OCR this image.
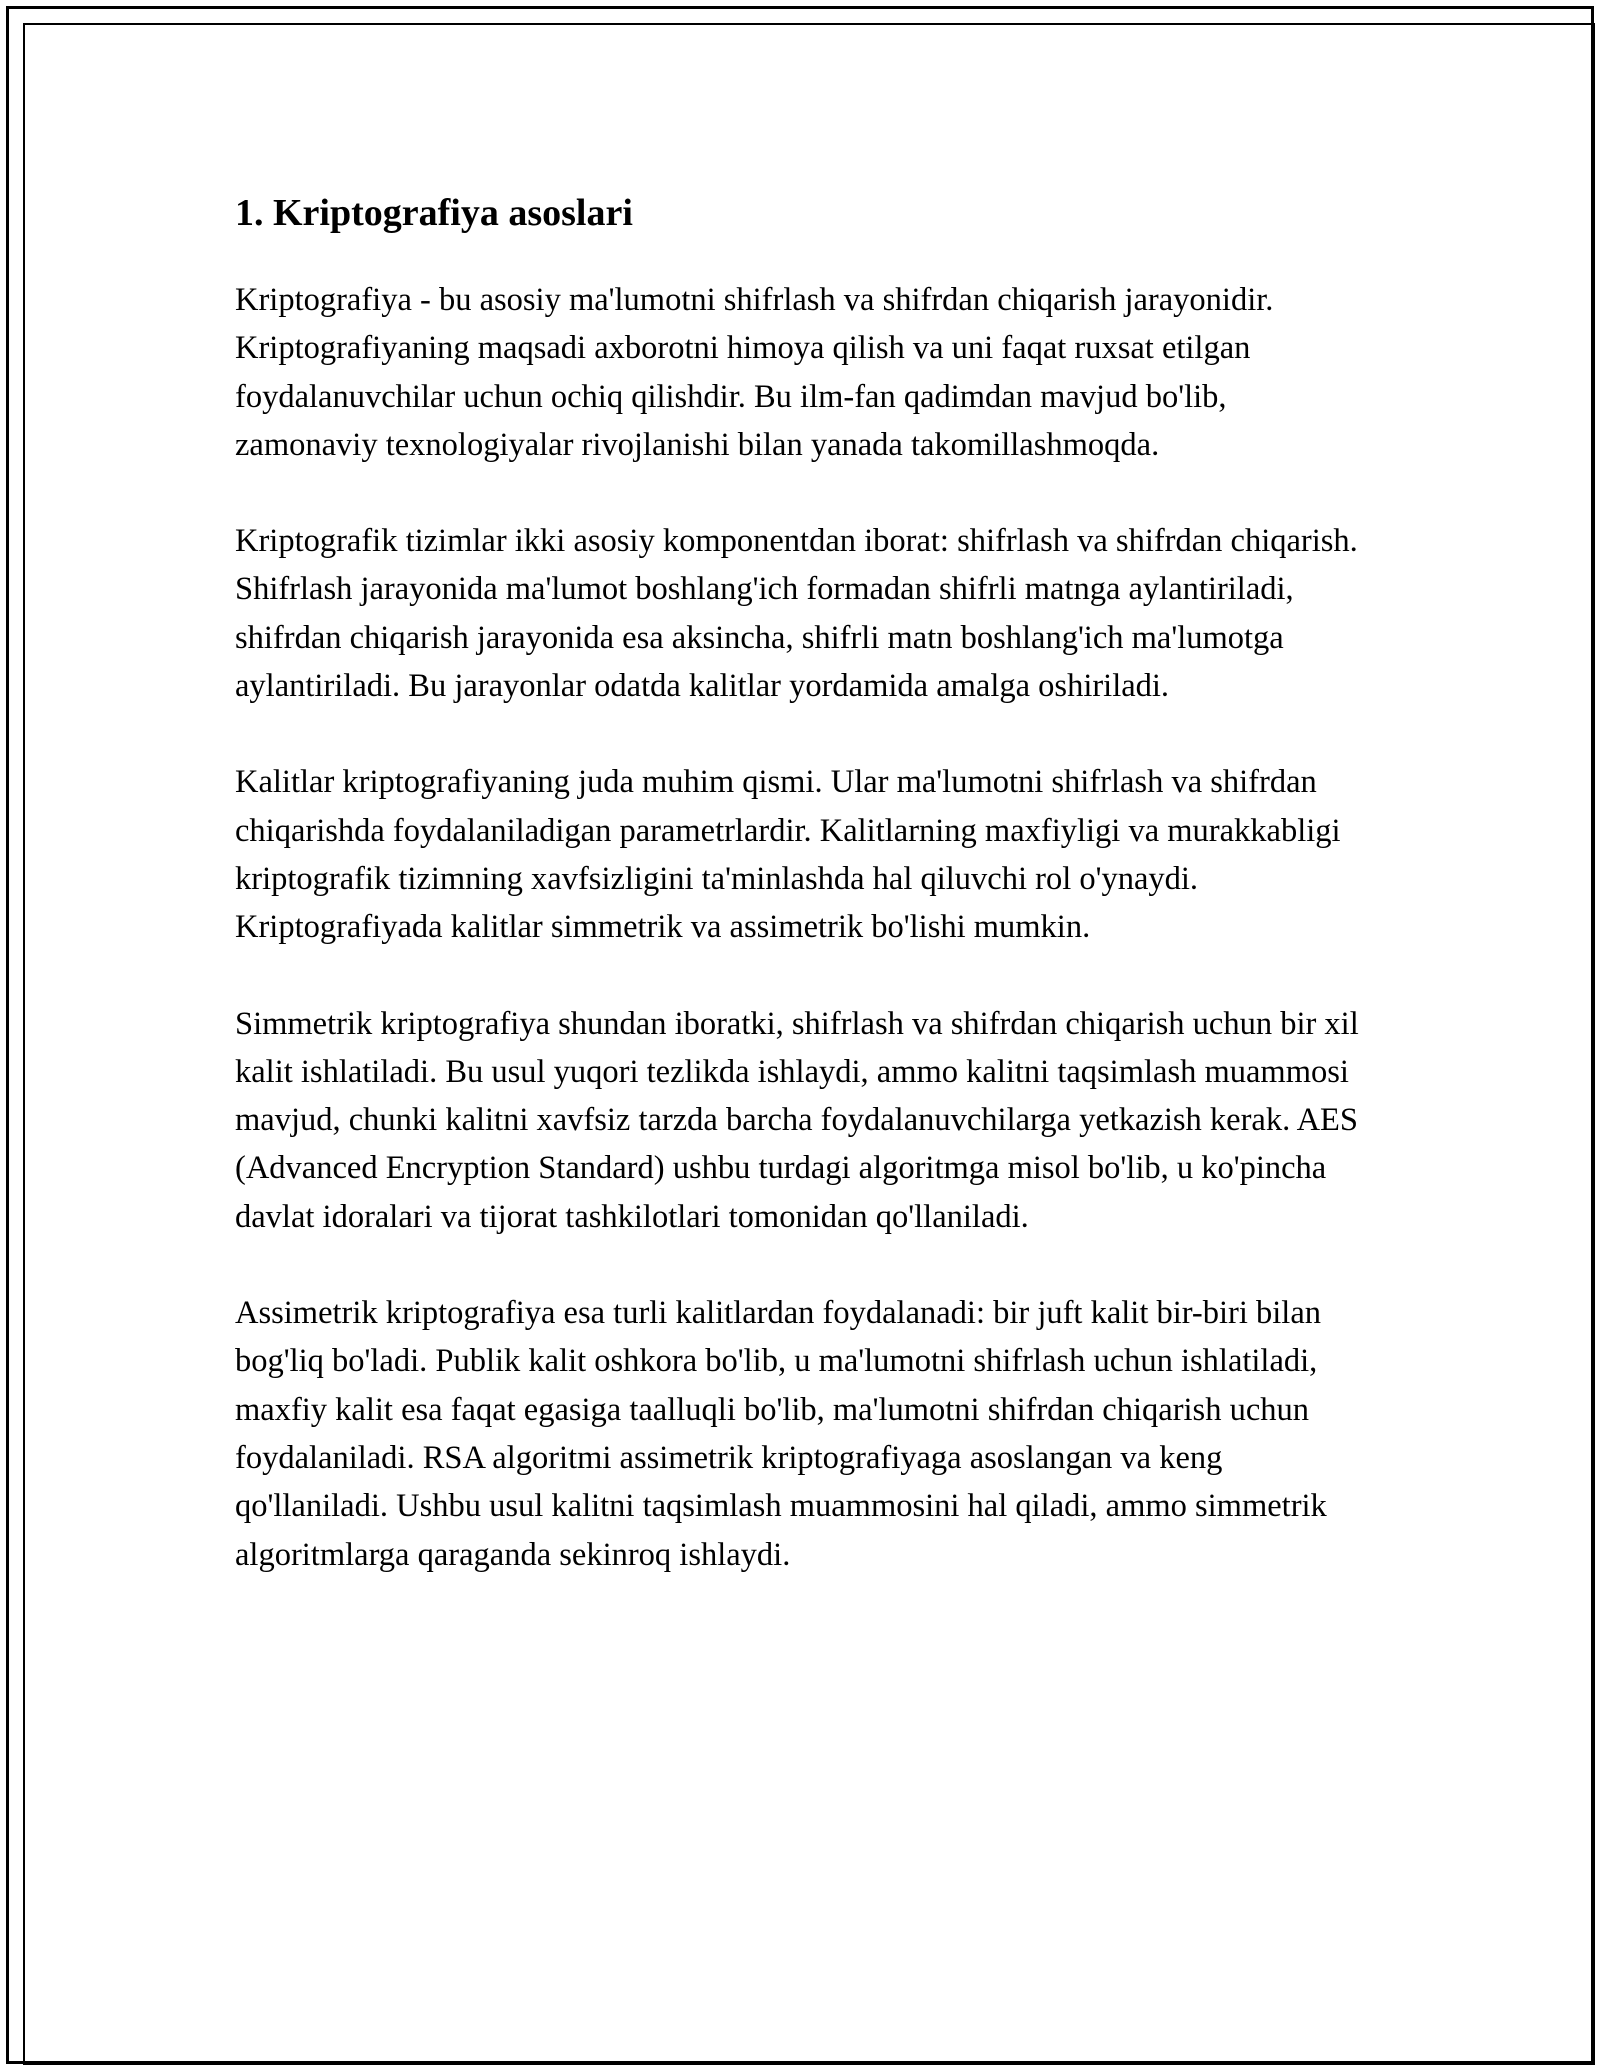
1. Kriptografiya asoslari

Kriptografiya - bu asosiy ma'lumotni shifrlash va shifrdan chiqarish jarayonidir. Kriptografiyaning maqsadi axborotni himoya qilish va uni faqat ruxsat etilgan foydalanuvchilar uchun ochiq qilishdir. Bu ilm-fan qadimdan mavjud bo'lib, zamonaviy texnologiyalar rivojlanishi bilan yanada takomillashmoqda.

Kriptografik tizimlar ikki asosiy komponentdan iborat: shifrlash va shifrdan chiqarish. Shifrlash jarayonida ma'lumot boshlang'ich formadan shifrli matnga aylantiriladi, shifrdan chiqarish jarayonida esa aksincha, shifrli matn boshlang'ich ma'lumotga aylantiriladi. Bu jarayonlar odatda kalitlar yordamida amalga oshiriladi.

Kalitlar kriptografiyaning juda muhim qismi. Ular ma'lumotni shifrlash va shifrdan chiqarishda foydalaniladigan parametrlardir. Kalitlarning maxfiyligi va murakkabligi kriptografik tizimning xavfsizligini ta'minlashda hal qiluvchi rol o'ynaydi. Kriptografiyada kalitlar simmetrik va assimetrik bo'lishi mumkin.

Simmetrik kriptografiya shundan iboratki, shifrlash va shifrdan chiqarish uchun bir xil kalit ishlatiladi. Bu usul yuqori tezlikda ishlaydi, ammo kalitni taqsimlash muammosi mavjud, chunki kalitni xavfsiz tarzda barcha foydalanuvchilarga yetkazish kerak. AES (Advanced Encryption Standard) ushbu turdagi algoritmga misol bo'lib, u ko'pincha davlat idoralari va tijorat tashkilotlari tomonidan qo'llaniladi.

Assimetrik kriptografiya esa turli kalitlardan foydalanadi: bir juft kalit bir-biri bilan bog'liq bo'ladi. Publik kalit oshkora bo'lib, u ma'lumotni shifrlash uchun ishlatiladi, maxfiy kalit esa faqat egasiga taalluqli bo'lib, ma'lumotni shifrdan chiqarish uchun foydalaniladi. RSA algoritmi assimetrik kriptografiyaga asoslangan va keng qo'llaniladi. Ushbu usul kalitni taqsimlash muammosini hal qiladi, ammo simmetrik algoritmlarga qaraganda sekinroq ishlaydi.
